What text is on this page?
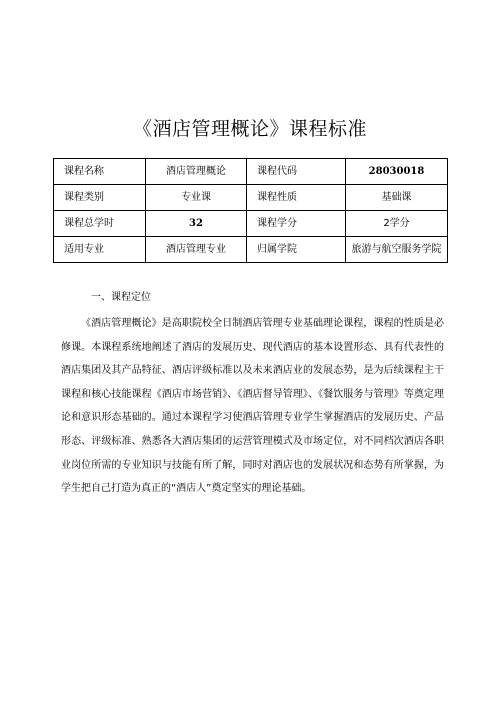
《酒店管理概论》课程标准
课程名称	酒店管理概论	课程代码	28030018
课程类别	专业课	课程性质	基础课
课程总学时	32	课程学分	2学分
适用专业	酒店管理专业	归属学院	旅游与航空服务学院
一、课程定位

《酒店管理概论》是高职院校全日制酒店管理专业基础理论课程，课程的性质是必修课。本课程系统地阐述了酒店的发展历史、现代酒店的基本设置形态、具有代表性的酒店集团及其产品特征、酒店评级标准以及未来酒店业的发展态势，是为后续课程主干课程和核心技能课程《酒店市场营销》、《酒店督导管理》、《餐饮服务与管理》等奠定理论和意识形态基础的。通过本课程学习使酒店管理专业学生掌握酒店的发展历史、产品形态、评级标准、熟悉各大酒店集团的运营管理模式及市场定位，对不同档次酒店各职业岗位所需的专业知识与技能有所了解，同时对酒店也的发展状况和态势有所掌握，为学生把自己打造为真正的“酒店人”奠定坚实的理论基础。
